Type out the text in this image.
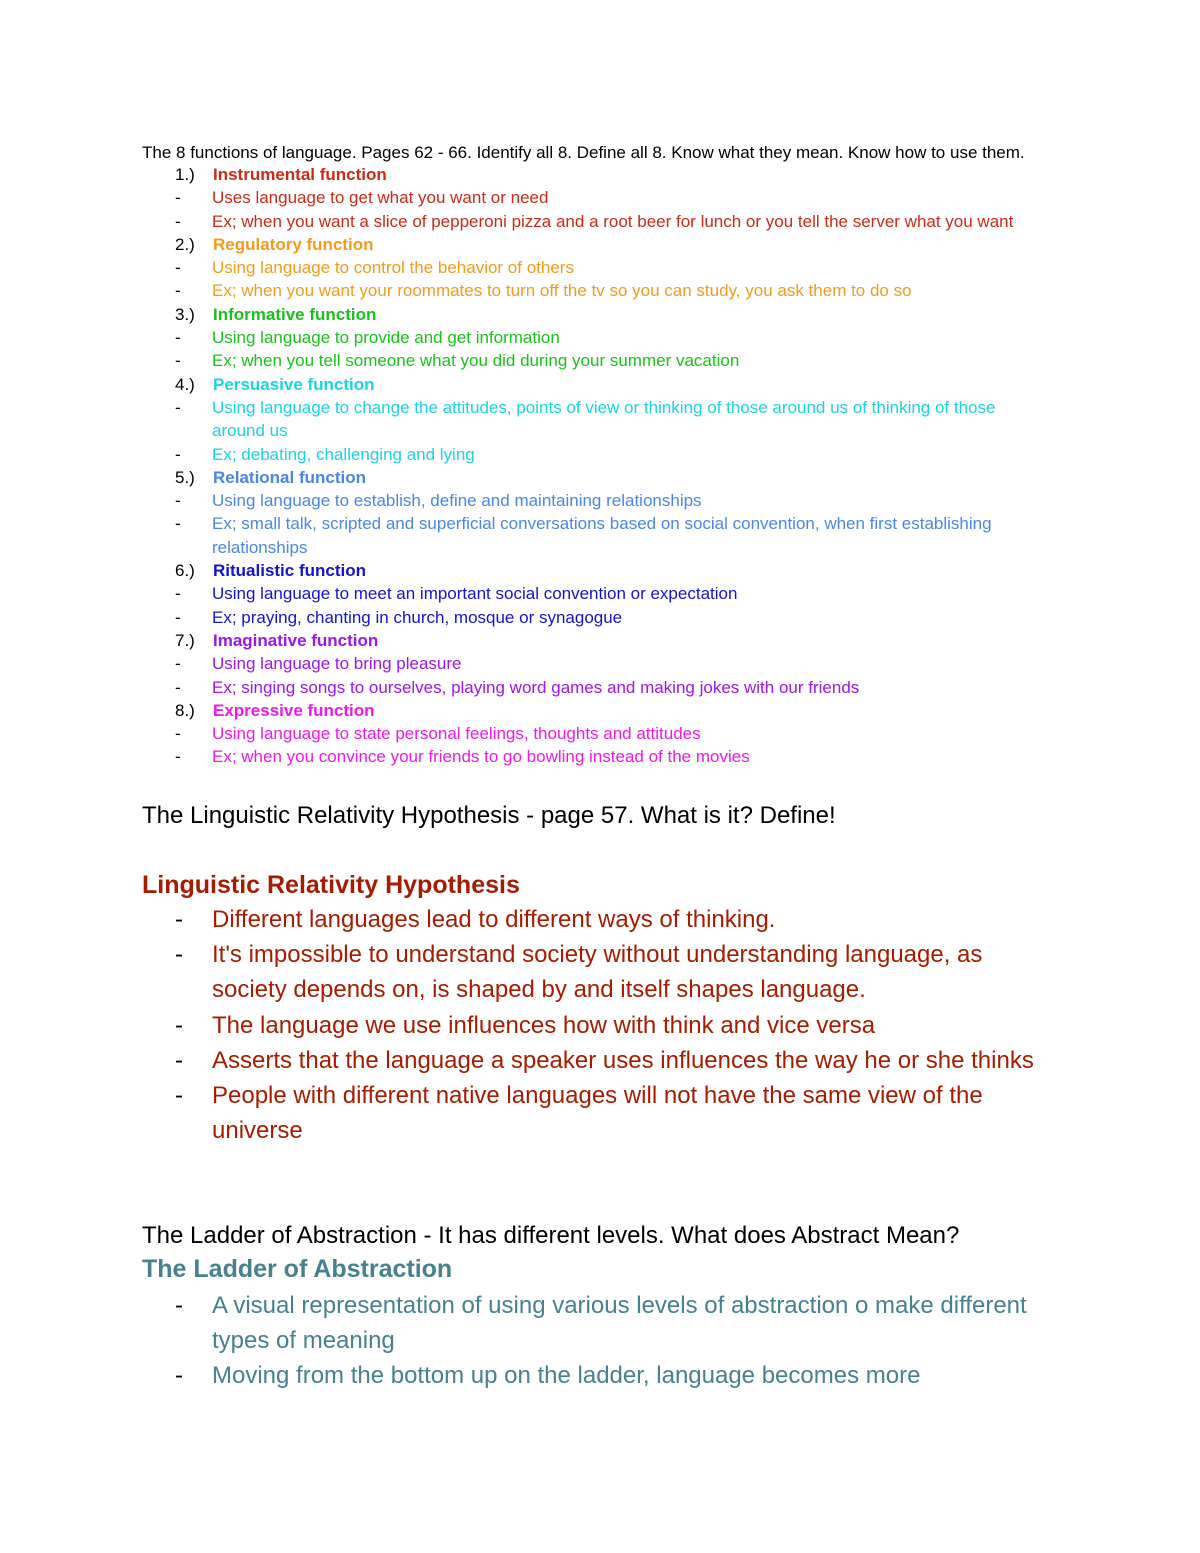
The 8 functions of language. Pages 62 - 66. Identify all 8. Define all 8. Know what they mean. Know how to use them.
1.) Instrumental function
- Uses language to get what you want or need
- Ex; when you want a slice of pepperoni pizza and a root beer for lunch or you tell the server what you want
2.) Regulatory function
- Using language to control the behavior of others
- Ex; when you want your roommates to turn off the tv so you can study, you ask them to do so
3.) Informative function
- Using language to provide and get information
- Ex; when you tell someone what you did during your summer vacation
4.) Persuasive function
- Using language to change the attitudes, points of view or thinking of those around us of thinking of those around us
- Ex; debating, challenging and lying
5.) Relational function
- Using language to establish, define and maintaining relationships
- Ex; small talk, scripted and superficial conversations based on social convention, when first establishing relationships
6.) Ritualistic function
- Using language to meet an important social convention or expectation
- Ex; praying, chanting in church, mosque or synagogue
7.) Imaginative function
- Using language to bring pleasure
- Ex; singing songs to ourselves, playing word games and making jokes with our friends
8.) Expressive function
- Using language to state personal feelings, thoughts and attitudes
- Ex; when you convince your friends to go bowling instead of the movies
The Linguistic Relativity Hypothesis - page 57. What is it? Define!
Linguistic Relativity Hypothesis
- Different languages lead to different ways of thinking.
- It's impossible to understand society without understanding language, as society depends on, is shaped by and itself shapes language.
- The language we use influences how with think and vice versa
- Asserts that the language a speaker uses influences the way he or she thinks
- People with different native languages will not have the same view of the universe
The Ladder of Abstraction - It has different levels. What does Abstract Mean?
The Ladder of Abstraction
- A visual representation of using various levels of abstraction o make different types of meaning
- Moving from the bottom up on the ladder, language becomes more
